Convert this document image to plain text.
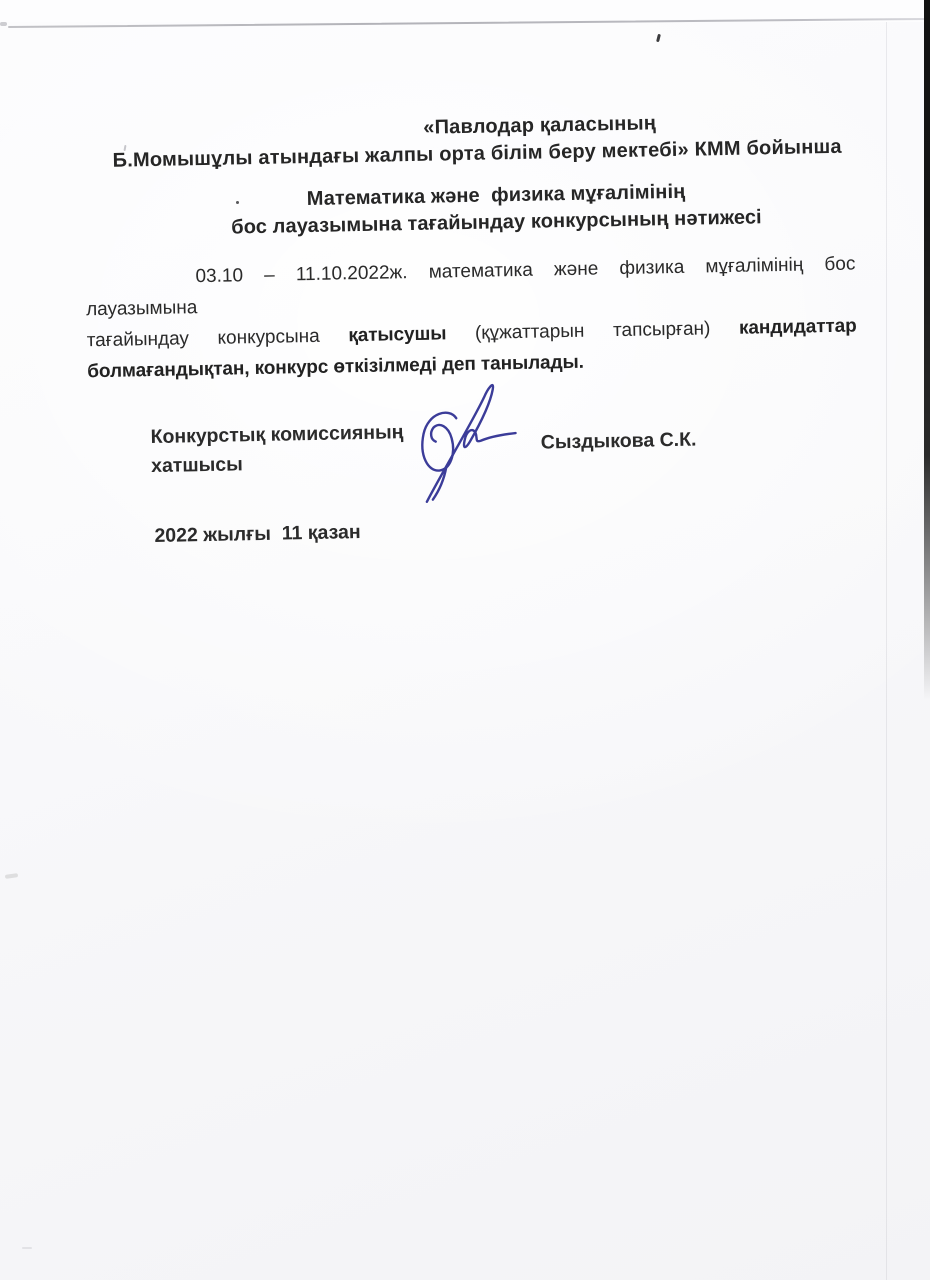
«Павлодар қаласының
Б.Момышұлы атындағы жалпы орта білім беру мектебі» КММ бойынша
Математика және  физика мұғалімінің
бос лауазымына тағайындау конкурсының нәтижесі
03.10 – 11.10.2022ж. математика және физика мұғалімінің бос лауазымына
тағайындау конкурсына қатысушы (құжаттарын тапсырған) кандидаттар
болмағандықтан, конкурс өткізілмеді деп танылады.
Конкурстық комиссияның
хатшысы
Сыздыкова С.К.
2022 жылғы  11 қазан
